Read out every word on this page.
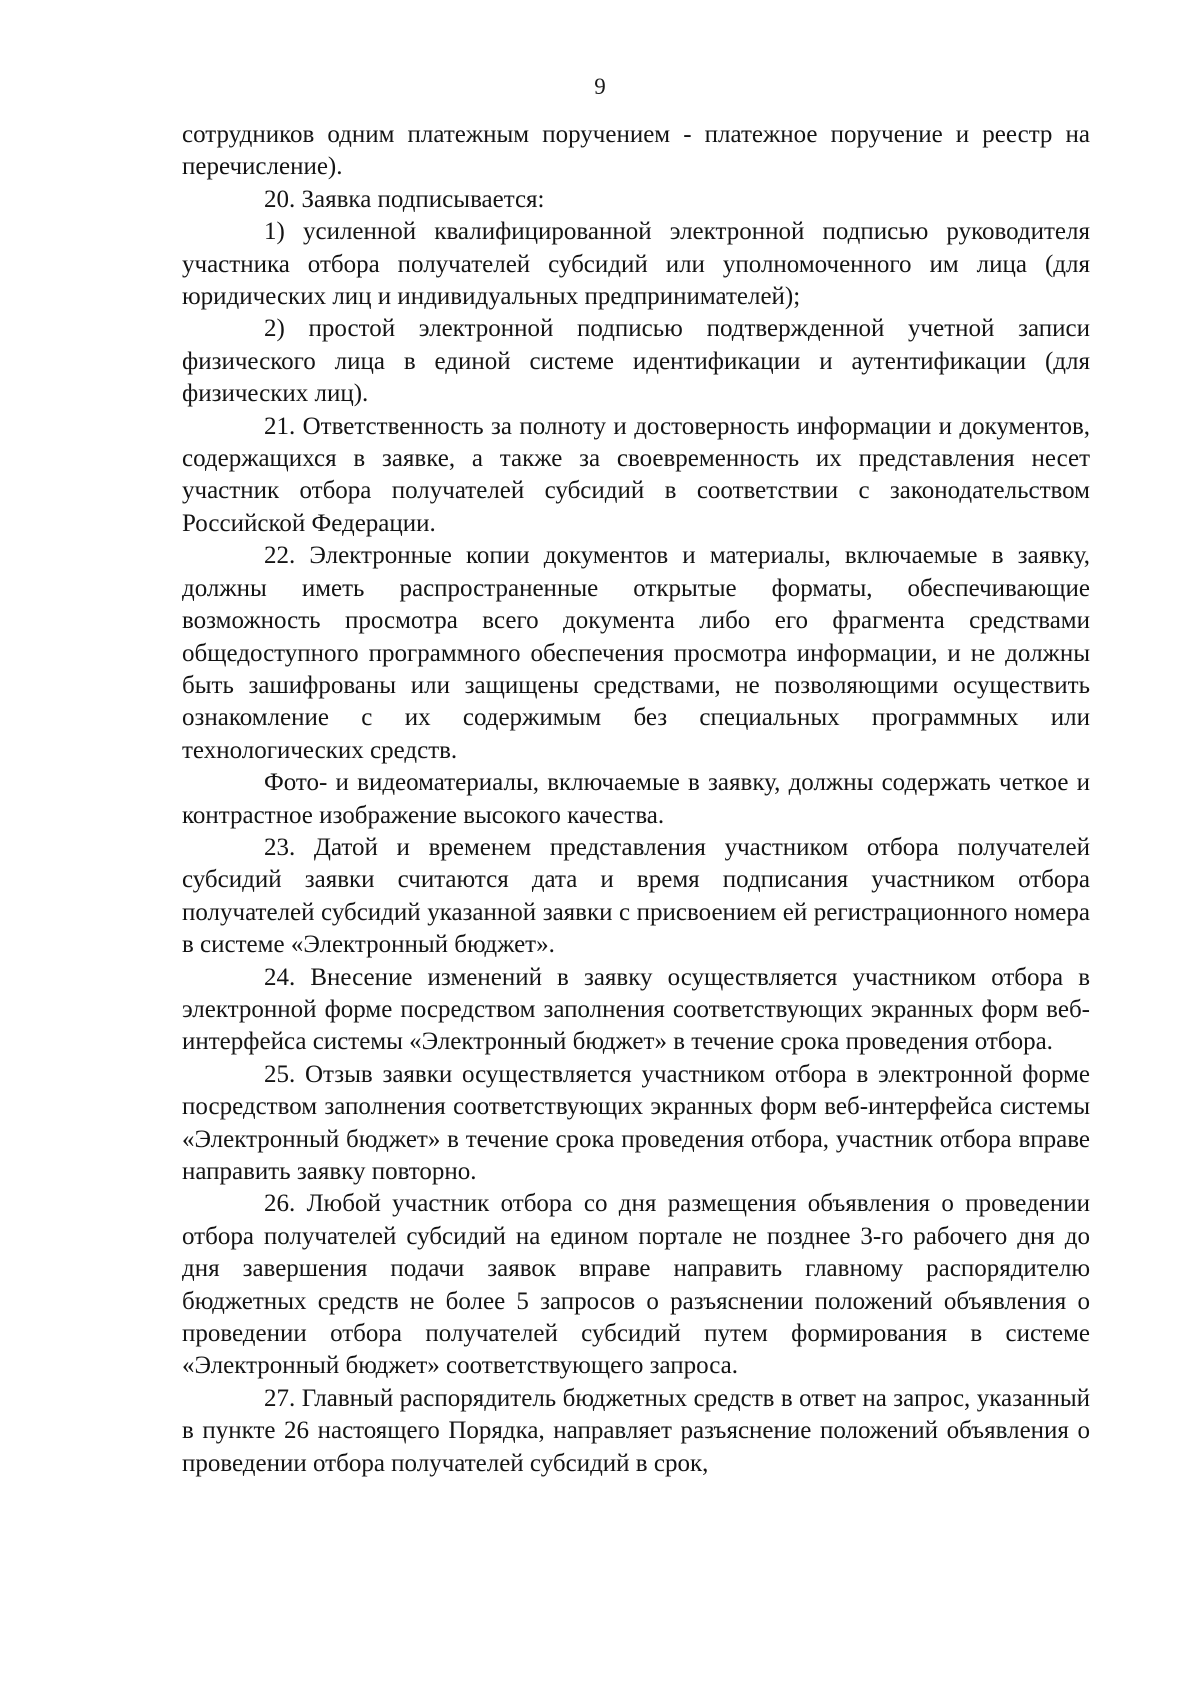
9

сотрудников одним платежным поручением - платежное поручение и реестр на перечисление).

20. Заявка подписывается:

1) усиленной квалифицированной электронной подписью руководителя участника отбора получателей субсидий или уполномоченного им лица (для юридических лиц и индивидуальных предпринимателей);

2) простой электронной подписью подтвержденной учетной записи физического лица в единой системе идентификации и аутентификации (для физических лиц).

21. Ответственность за полноту и достоверность информации и документов, содержащихся в заявке, а также за своевременность их представления несет участник отбора получателей субсидий в соответствии с законодательством Российской Федерации.

22. Электронные копии документов и материалы, включаемые в заявку, должны иметь распространенные открытые форматы, обеспечивающие возможность просмотра всего документа либо его фрагмента средствами общедоступного программного обеспечения просмотра информации, и не должны быть зашифрованы или защищены средствами, не позволяющими осуществить ознакомление с их содержимым без специальных программных или технологических средств.

Фото- и видеоматериалы, включаемые в заявку, должны содержать четкое и контрастное изображение высокого качества.

23. Датой и временем представления участником отбора получателей субсидий заявки считаются дата и время подписания участником отбора получателей субсидий указанной заявки с присвоением ей регистрационного номера в системе «Электронный бюджет».

24. Внесение изменений в заявку осуществляется участником отбора в электронной форме посредством заполнения соответствующих экранных форм веб-интерфейса системы «Электронный бюджет» в течение срока проведения отбора.

25. Отзыв заявки осуществляется участником отбора в электронной форме посредством заполнения соответствующих экранных форм веб-интерфейса системы «Электронный бюджет» в течение срока проведения отбора, участник отбора вправе направить заявку повторно.

26. Любой участник отбора со дня размещения объявления о проведении отбора получателей субсидий на едином портале не позднее 3-го рабочего дня до дня завершения подачи заявок вправе направить главному распорядителю бюджетных средств не более 5 запросов о разъяснении положений объявления о проведении отбора получателей субсидий путем формирования в системе «Электронный бюджет» соответствующего запроса.

27. Главный распорядитель бюджетных средств в ответ на запрос, указанный в пункте 26 настоящего Порядка, направляет разъяснение положений объявления о проведении отбора получателей субсидий в срок,
